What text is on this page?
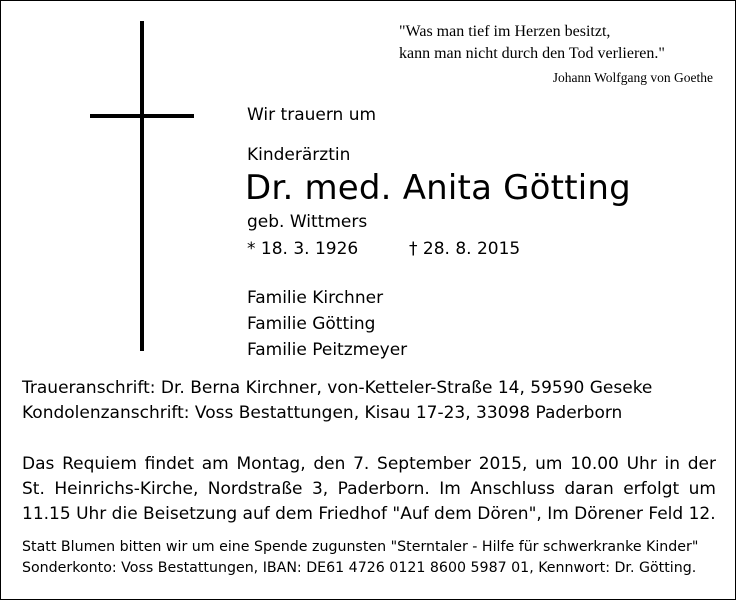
"Was man tief im Herzen besitzt,
kann man nicht durch den Tod verlieren."
Johann Wolfgang von Goethe
Wir trauern um
Kinderärztin
Dr. med. Anita Götting
geb. Wittmers
* 18. 3. 1926	† 28. 8. 2015
Familie Kirchner
Familie Götting
Familie Peitzmeyer
Traueranschrift: Dr. Berna Kirchner, von-Ketteler-Straße 14, 59590 Geseke
Kondolenzanschrift: Voss Bestattungen, Kisau 17-23, 33098 Paderborn
Das Requiem findet am Montag, den 7. September 2015, um 10.00 Uhr in der
St. Heinrichs-Kirche, Nordstraße 3, Paderborn. Im Anschluss daran erfolgt um
11.15 Uhr die Beisetzung auf dem Friedhof "Auf dem Dören", Im Dörener Feld 12.
Statt Blumen bitten wir um eine Spende zugunsten "Sterntaler - Hilfe für schwerkranke Kinder"
Sonderkonto: Voss Bestattungen, IBAN: DE61 4726 0121 8600 5987 01, Kennwort: Dr. Götting.
